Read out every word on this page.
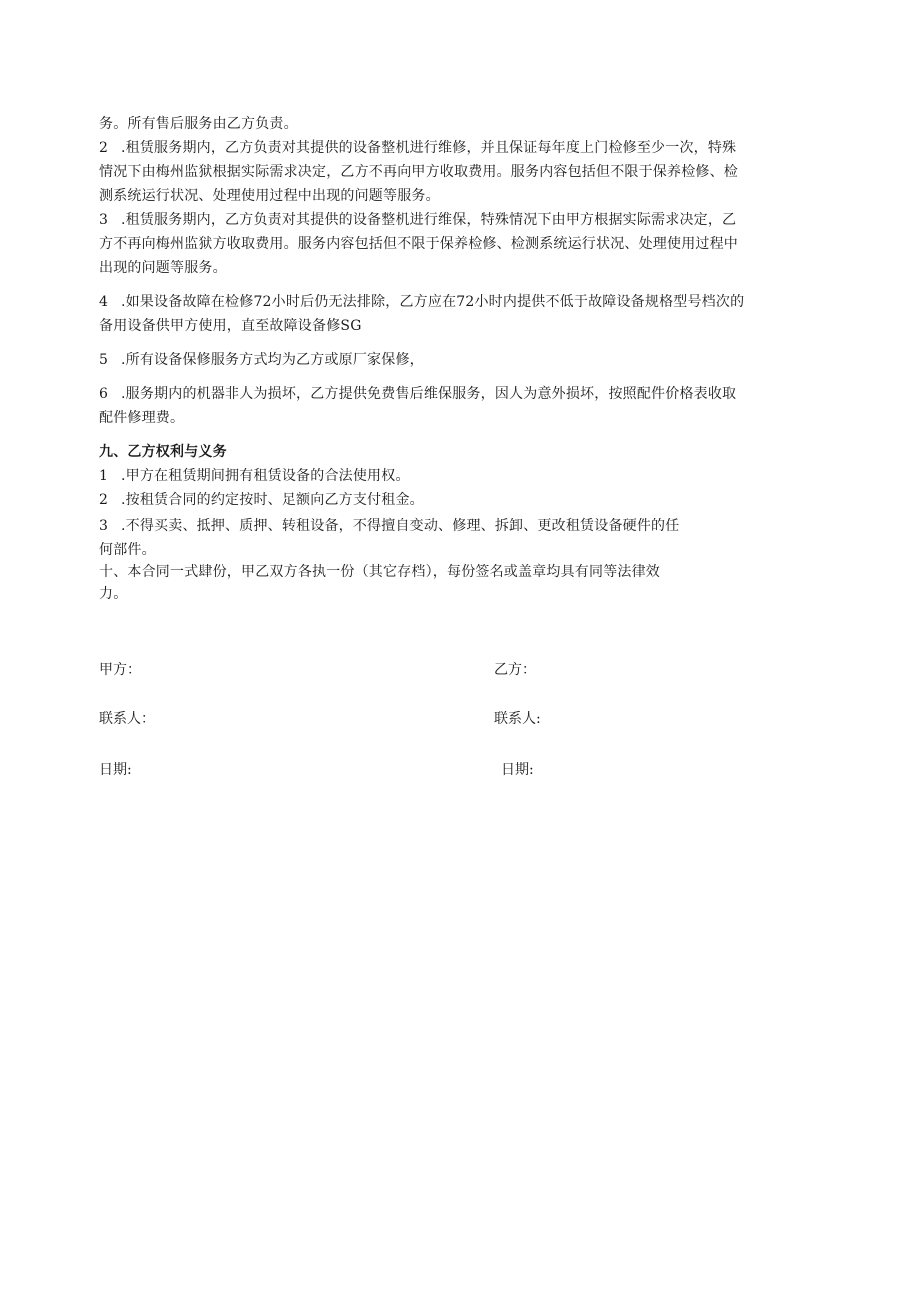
务。所有售后服务由乙方负责。
2 .租赁服务期内，乙方负责对其提供的设备整机进行维修，并且保证每年度上门检修至少一次，特殊
情况下由梅州监狱根据实际需求决定，乙方不再向甲方收取费用。服务内容包括但不限于保养检修、检
测系统运行状况、处理使用过程中出现的问题等服务。
3 .租赁服务期内，乙方负责对其提供的设备整机进行维保，特殊情况下由甲方根据实际需求决定，乙
方不再向梅州监狱方收取费用。服务内容包括但不限于保养检修、检测系统运行状况、处理使用过程中
出现的问题等服务。
4 .如果设备故障在检修72小时后仍无法排除，乙方应在72小时内提供不低于故障设备规格型号档次的
备用设备供甲方使用，直至故障设备修SG
5 .所有设备保修服务方式均为乙方或原厂家保修，
6 .服务期内的机器非人为损坏，乙方提供免费售后维保服务，因人为意外损坏，按照配件价格表收取
配件修理费。
九、乙方权利与义务
1 .甲方在租赁期间拥有租赁设备的合法使用权。
2 .按租赁合同的约定按时、足额向乙方支付租金。
3 .不得买卖、抵押、质押、转租设备，不得擅自变动、修理、拆卸、更改租赁设备硬件的任
何部件。
十、本合同一式肆份，甲乙双方各执一份（其它存档），每份签名或盖章均具有同等法律效
力。
甲方：	乙方：
联系人：	联系人:
日期:	日期:
